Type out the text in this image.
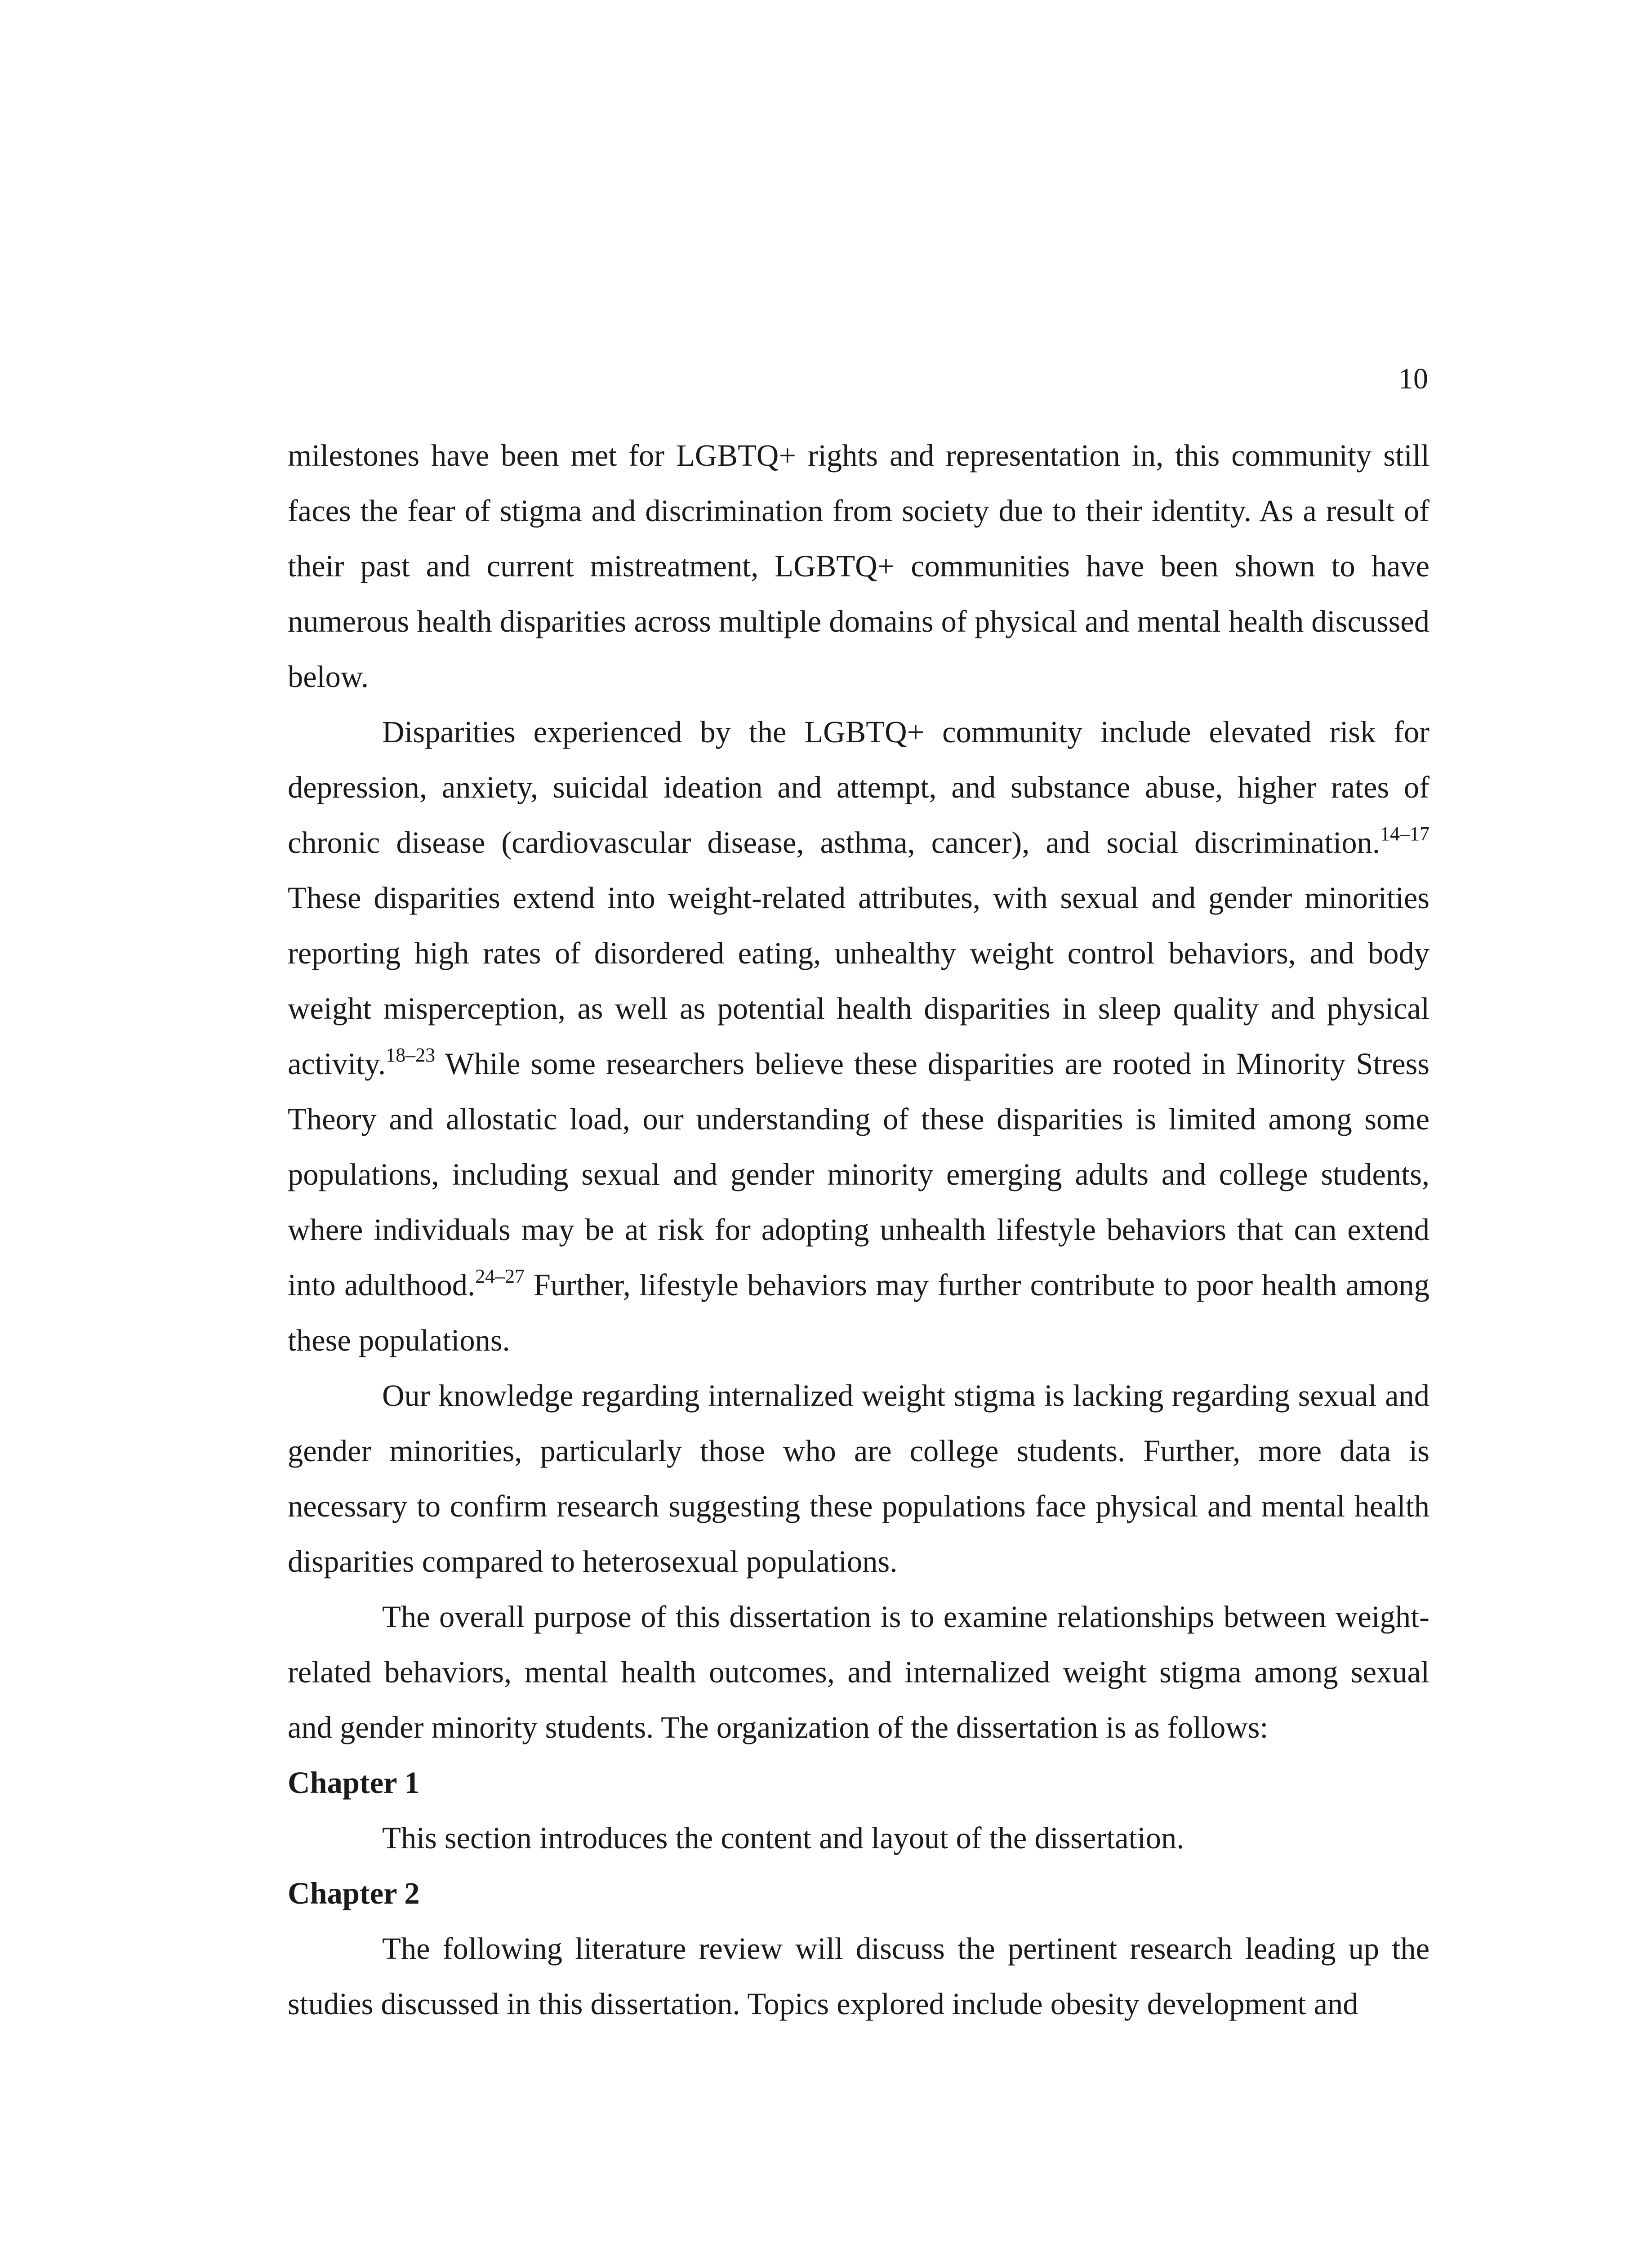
10

milestones have been met for LGBTQ+ rights and representation in, this community still faces the fear of stigma and discrimination from society due to their identity. As a result of their past and current mistreatment, LGBTQ+ communities have been shown to have numerous health disparities across multiple domains of physical and mental health discussed below.

Disparities experienced by the LGBTQ+ community include elevated risk for depression, anxiety, suicidal ideation and attempt, and substance abuse, higher rates of chronic disease (cardiovascular disease, asthma, cancer), and social discrimination.$^{14-17}$ These disparities extend into weight-related attributes, with sexual and gender minorities reporting high rates of disordered eating, unhealthy weight control behaviors, and body weight misperception, as well as potential health disparities in sleep quality and physical activity.$^{18-23}$ While some researchers believe these disparities are rooted in Minority Stress Theory and allostatic load, our understanding of these disparities is limited among some populations, including sexual and gender minority emerging adults and college students, where individuals may be at risk for adopting unhealth lifestyle behaviors that can extend into adulthood.$^{24-27}$ Further, lifestyle behaviors may further contribute to poor health among these populations.

Our knowledge regarding internalized weight stigma is lacking regarding sexual and gender minorities, particularly those who are college students. Further, more data is necessary to confirm research suggesting these populations face physical and mental health disparities compared to heterosexual populations.

The overall purpose of this dissertation is to examine relationships between weight-related behaviors, mental health outcomes, and internalized weight stigma among sexual and gender minority students. The organization of the dissertation is as follows:

Chapter 1

This section introduces the content and layout of the dissertation.

Chapter 2

The following literature review will discuss the pertinent research leading up the studies discussed in this dissertation. Topics explored include obesity development and
